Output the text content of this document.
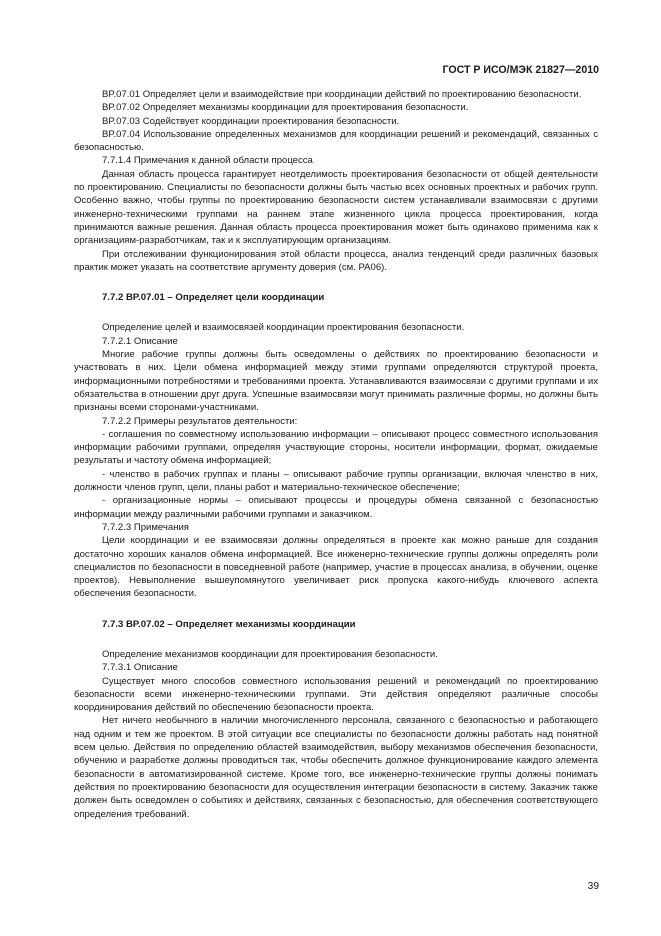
ГОСТ Р ИСО/МЭК 21827—2010

BP.07.01 Определяет цели и взаимодействие при координации действий по проектированию безопасности.

BP.07.02 Определяет механизмы координации для проектирования безопасности.

BP.07.03 Содействует координации проектирования безопасности.

BP.07.04 Использование определенных механизмов для координации решений и рекомендаций, связанных с безопасностью.

7.7.1.4 Примечания к данной области процесса

Данная область процесса гарантирует неотделимость проектирования безопасности от общей деятельности по проектированию. Специалисты по безопасности должны быть частью всех основных проектных и рабочих групп. Особенно важно, чтобы группы по проектированию безопасности систем устанавливали взаимосвязи с другими инженерно-техническими группами на раннем этапе жизненного цикла процесса проектирования, когда принимаются важные решения. Данная область процесса проектирования может быть одинаково применима как к организациям-разработчикам, так и к эксплуатирующим организациям.

При отслеживании функционирования этой области процесса, анализ тенденций среди различных базовых практик может указать на соответствие аргументу доверия (см. PA06).

7.7.2 BP.07.01 – Определяет цели координации

Определение целей и взаимосвязей координации проектирования безопасности.

7.7.2.1 Описание

Многие рабочие группы должны быть осведомлены о действиях по проектированию безопасности и участвовать в них. Цели обмена информацией между этими группами определяются структурой проекта, информационными потребностями и требованиями проекта. Устанавливаются взаимосвязи с другими группами и их обязательства в отношении друг друга. Успешные взаимосвязи могут принимать различные формы, но должны быть признаны всеми сторонами-участниками.

7.7.2.2 Примеры результатов деятельности:

- соглашения по совместному использованию информации – описывают процесс совместного использования информации рабочими группами, определяя участвующие стороны, носители информации, формат, ожидаемые результаты и частоту обмена информацией;

- членство в рабочих группах и планы – описывают рабочие группы организации, включая членство в них, должности членов групп, цели, планы работ и материально-техническое обеспечение;

- организационные нормы – описывают процессы и процедуры обмена связанной с безопасностью информации между различными рабочими группами и заказчиком.

7.7.2.3 Примечания

Цели координации и ее взаимосвязи должны определяться в проекте как можно раньше для создания достаточно хороших каналов обмена информацией. Все инженерно-технические группы должны определять роли специалистов по безопасности в повседневной работе (например, участие в процессах анализа, в обучении, оценке проектов). Невыполнение вышеупомянутого увеличивает риск пропуска какого-нибудь ключевого аспекта обеспечения безопасности.

7.7.3 BP.07.02 – Определяет механизмы координации

Определение механизмов координации для проектирования безопасности.

7.7.3.1 Описание

Существует много способов совместного использования решений и рекомендаций по проектированию безопасности всеми инженерно-техническими группами. Эти действия определяют различные способы координирования действий по обеспечению безопасности проекта.

Нет ничего необычного в наличии многочисленного персонала, связанного с безопасностью и работающего над одним и тем же проектом. В этой ситуации все специалисты по безопасности должны работать над понятной всем целью. Действия по определению областей взаимодействия, выбору механизмов обеспечения безопасности, обучению и разработке должны проводиться так, чтобы обеспечить должное функционирование каждого элемента безопасности в автоматизированной системе. Кроме того, все инженерно-технические группы должны понимать действия по проектированию безопасности для осуществления интеграции безопасности в систему. Заказчик также должен быть осведомлен о событиях и действиях, связанных с безопасностью, для обеспечения соответствующего определения требований.

39
